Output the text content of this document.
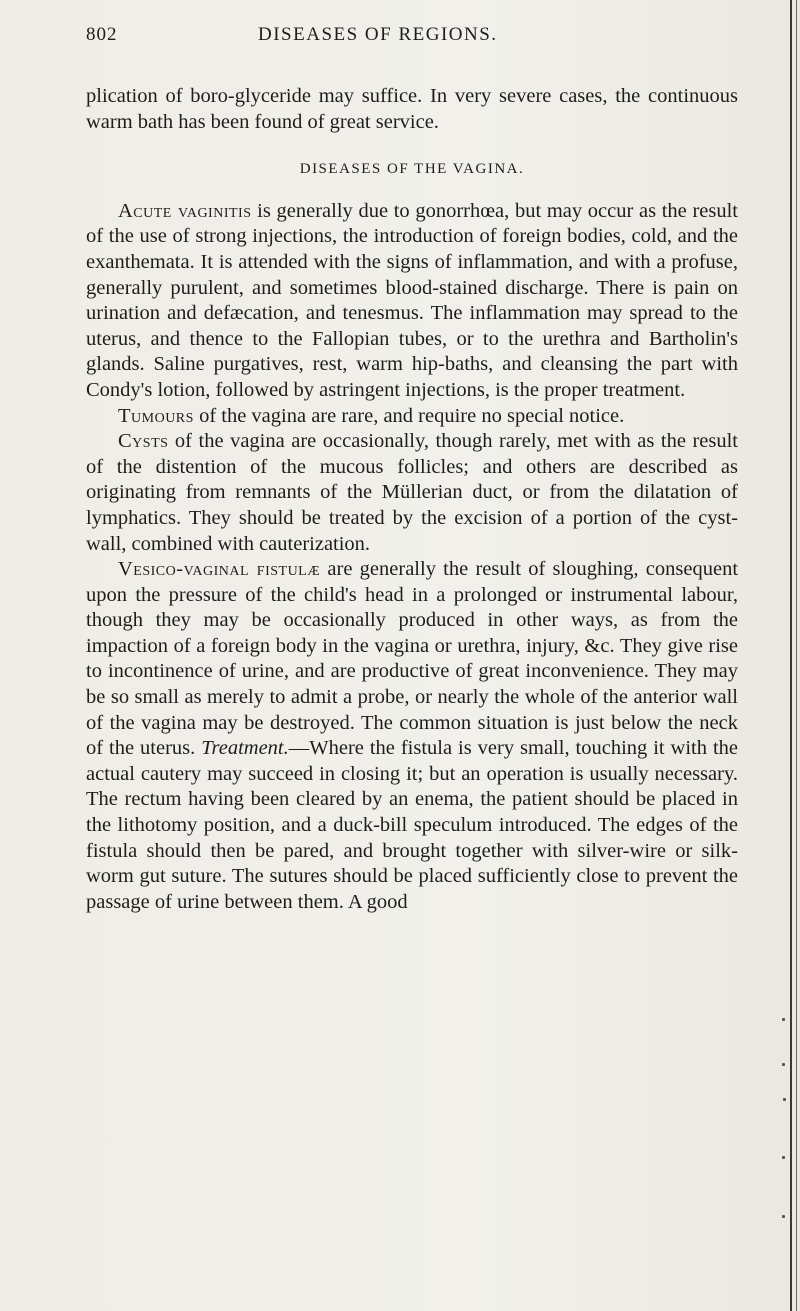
802	DISEASES OF REGIONS.

plication of boro-glyceride may suffice. In very severe cases, the continuous warm bath has been found of great service.

DISEASES OF THE VAGINA.

Acute vaginitis is generally due to gonorrhœa, but may occur as the result of the use of strong injections, the introduction of foreign bodies, cold, and the exanthemata. It is attended with the signs of inflammation, and with a profuse, generally purulent, and sometimes blood-stained discharge. There is pain on urination and defæcation, and tenesmus. The inflammation may spread to the uterus, and thence to the Fallopian tubes, or to the urethra and Bartholin's glands. Saline purgatives, rest, warm hip-baths, and cleansing the part with Condy's lotion, followed by astringent injections, is the proper treatment.

Tumours of the vagina are rare, and require no special notice.

Cysts of the vagina are occasionally, though rarely, met with as the result of the distention of the mucous follicles; and others are described as originating from remnants of the Müllerian duct, or from the dilatation of lymphatics. They should be treated by the excision of a portion of the cyst-wall, combined with cauterization.

Vesico-vaginal fistulæ are generally the result of sloughing, consequent upon the pressure of the child's head in a prolonged or instrumental labour, though they may be occasionally produced in other ways, as from the impaction of a foreign body in the vagina or urethra, injury, &c. They give rise to incontinence of urine, and are productive of great inconvenience. They may be so small as merely to admit a probe, or nearly the whole of the anterior wall of the vagina may be destroyed. The common situation is just below the neck of the uterus. Treatment.—Where the fistula is very small, touching it with the actual cautery may succeed in closing it; but an operation is usually necessary. The rectum having been cleared by an enema, the patient should be placed in the lithotomy position, and a duck-bill speculum introduced. The edges of the fistula should then be pared, and brought together with silver-wire or silk-worm gut suture. The sutures should be placed sufficiently close to prevent the passage of urine between them. A good
